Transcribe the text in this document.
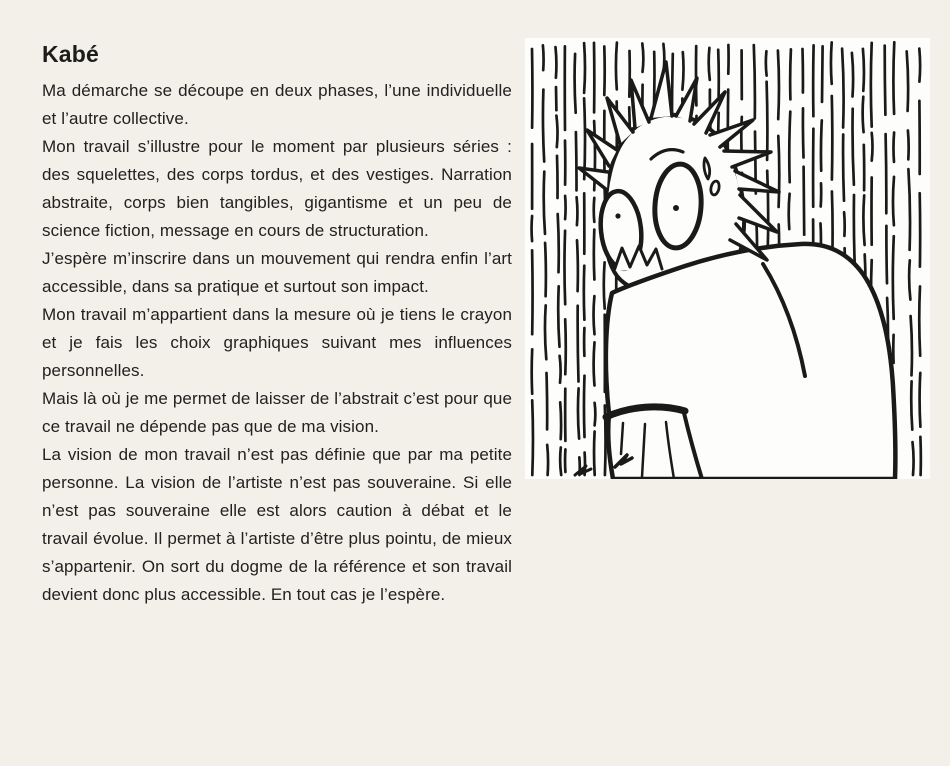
Kabé

Ma démarche se découpe en deux phases, l’une individuelle et l’autre collective.

Mon travail s’illustre pour le moment par plusieurs séries : des squelettes, des corps tordus, et des vestiges. Narration abstraite, corps bien tangibles, gigantisme et un peu de science fiction, message en cours de structuration.

J’espère m’inscrire dans un mouvement qui rendra enfin l’art accessible, dans sa pratique et surtout son impact.

Mon travail m’appartient dans la mesure où je tiens le crayon et je fais les choix graphiques suivant mes influences personnelles.

Mais là où je me permet de laisser de l’abstrait c’est pour que ce travail ne dépende pas que de ma vision.

La vision de mon travail n’est pas définie que par ma petite personne. La vision de l’artiste n’est pas souveraine. Si elle n’est pas souveraine elle est alors caution à débat et le travail évolue. Il permet à l’artiste d’être plus pointu, de mieux s’appartenir. On sort du dogme de la référence et son travail devient donc plus accessible. En tout cas je l’espère.
